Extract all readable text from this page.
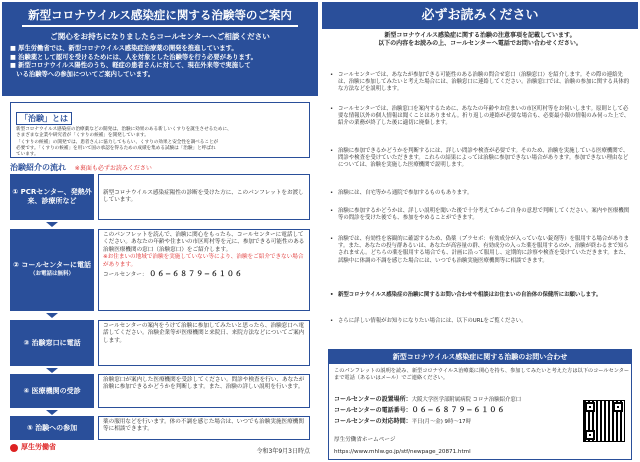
新型コロナウイルス感染症に関する治験等のご案内
ご関心をお持ちになりましたらコールセンターへご相談ください
■ 厚生労働省では、新型コロナウイルス感染症治療薬の開発を推進しています。
■ 治験薬として認可を受けるためには、人を対象とした治験等を行う必要があります。
■ 新型コロナウイルス陽性のうち、軽症の患者さんに対して、現在外来等で実施して
　いる治験等への参加についてご案内しています。
「治験」とは

新型コロナウイルス感染症の治療薬などの開発は、治験に効果のある新しいくすりを誕生させるために、

さまざまな企業や研究者が「くすりの候補」を開発しています。

「くすりの候補」の開発では、患者さんに協力してもらい、くすりの効果と安全性を調べることが

必要です。「くすりの候補」を用いて国の承認を得るための成績を集める試験は「治験」と呼ばれ

ています。

治験紹介の流れ ※裏面も必ずお読みください
① PCRセンター、発熱外来、診療所など
新型コロナウイルス感染症陽性の診断を受けた方に、このパンフレットをお渡ししています。
② コールセンターに電話
（お電話は無料）
このパンフレットを読んで、治験に関心をもったら、コールセンターに電話してください。あなたの年齢や住まいの市区町村等を元に、参加できる可能性のある治験医療機関の窓口（治験窓口）をご紹介します。
※お住まいの地域で治験を実施していない等により、治験をご紹介できない場合があります。
コールセンター： ０６−６８７９−６１０６
③ 治験窓口に電話
コールセンターの案内をうけて治験に参加してみたいと思ったら、治験窓口へ電話してください。治験企業等が医療機関と来院日、来院方法などについてご案内します。
④ 医療機関の受診
治験窓口が案内した医療機関を受診してください。問診や検査を行い、あなたが治験に参加できるかどうかを判断します。また、治験の詳しい説明を行います。
⑤ 治験への参加
薬の服用などを行います。体の不調を感じた場合は、いつでも治験実施医療機関等に相談できます。
厚生労働省
令和3年9月3日時点
必ずお読みください
新型コロナウイルス感染症に関する治験の注意事項を記載しています。
以下の内容をお読みの上、コールセンターへ電話でお問い合わせください。
• コールセンターでは、あなたが参加できる可能性のある治験の問合せ窓口（治験窓口）を紹介します。その際の連絡先は、治験に参加してみたいと考えた場合には、治験窓口に連絡してください。治験窓口では、治験の参加に関する具体的な方法などを説明します。
• コールセンターでは、治験窓口を案内するために、あなたの年齢やお住まいの市区町村等をお伺いします。原則として必要な情報以外の個人情報は聞くことはありません。折り返しの連絡が必要な場合も、必要最小限の情報のみ伺った上で、紹介の業務が終了した後に適切に廃棄します。
• 治験に参加できるかどうかを判断するには、詳しい問診や検査が必要です。そのため、治験を実施している医療機関で、問診や検査を受けていただきます。これらの結果によっては治験に参加できない場合があります。参加できない理由などについては、治験を実施した医療機関で説明します。
• 治験には、自宅等から通院で参加するものもあります。
• 治験に参加するかどうかは、詳しい説明を聞いた後で十分考えてからご自身の意思で判断してください。案内や医療機関等の問診を受けた後でも、参加をやめることができます。
• 治験では、有効性を客観的に確認するため、偽薬（プラセボ：有効成分が入っていない錠剤等）を服用する場合があります。また、あなたの投与群あるいは、あなたが高容量の群、有効成分の入った薬を服用するのか、治験が終わるまで知らされません。どちらの薬を服用する場合でも、計画に沿って服用し、定期的に診察や検査を受けていただきます。また、試験中に体調の不調を感じた場合には、いつでも治験実施医療機関等に相談できます。
• 新型コロナウイルス感染症の治験に関するお問い合わせや相談はお住まいの自治体の保健所にお願いします。
• さらに詳しい情報がお知りになりたい場合には、以下のURLをご覧ください。
新型コロナウイルス感染症に関する治験のお問い合わせ
このパンフレットの説明を読み、新型コロナウイルス治療薬に関心を持ち、参加してみたいと考えた方は以下のコールセンターまで電話（あるいはメール）でご連絡ください。
コールセンターの設置場所：大阪大学医学部附属病院 コロナ治験紹介窓口
コールセンターの電話番号：０６−６８７９−６１０６
コールセンターの対応時間：平日(月～金) 9時～17時
厚生労働省ホームページ
https://www.mhlw.go.jp/stf/newpage_20871.html
